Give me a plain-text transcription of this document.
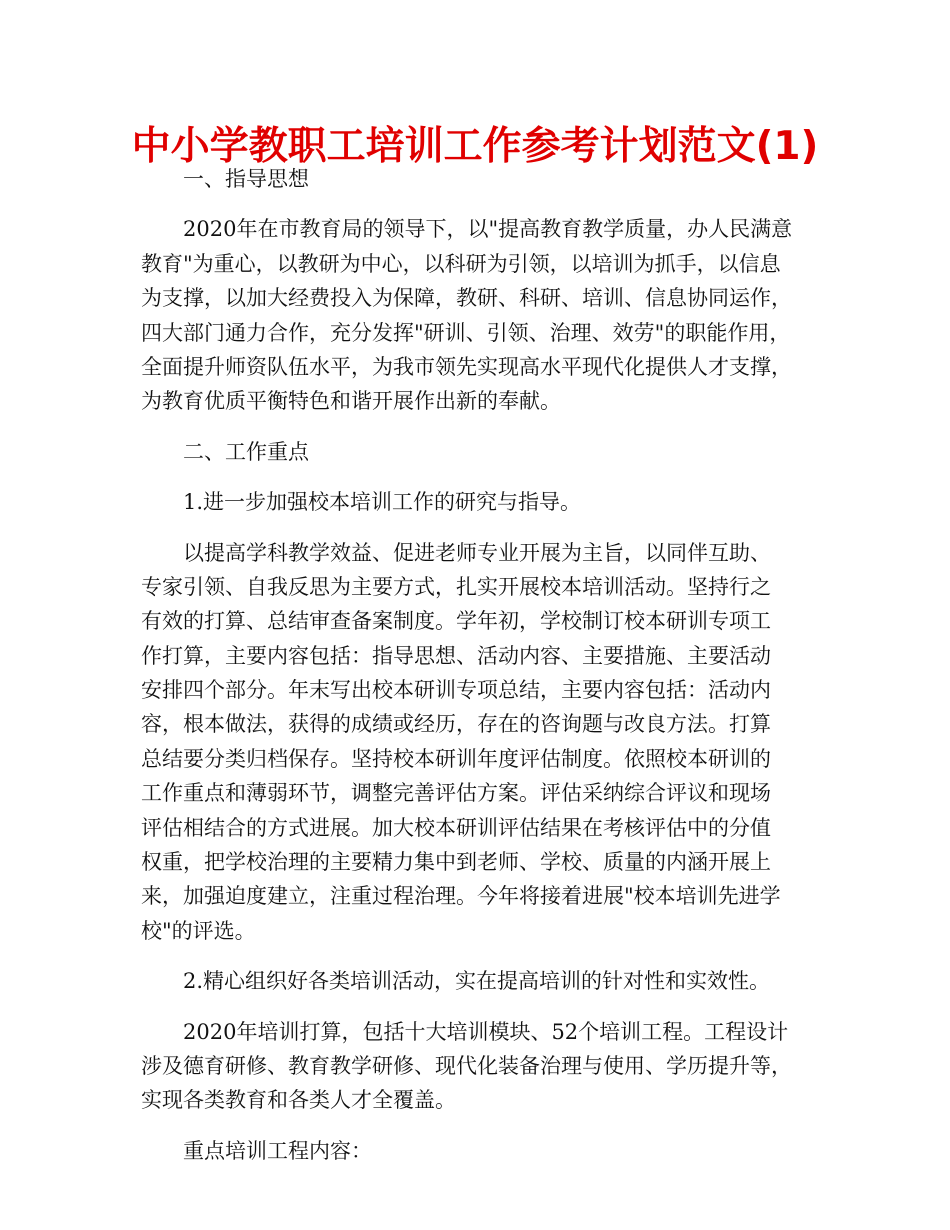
中小学教职工培训工作参考计划范文(1)

一、指导思想

2020年在市教育局的领导下，以"提高教育教学质量，办人民满意
教育"为重心，以教研为中心，以科研为引领，以培训为抓手，以信息
为支撑，以加大经费投入为保障，教研、科研、培训、信息协同运作，
四大部门通力合作，充分发挥"研训、引领、治理、效劳"的职能作用，
全面提升师资队伍水平，为我市领先实现高水平现代化提供人才支撑，
为教育优质平衡特色和谐开展作出新的奉献。

二、工作重点

1.进一步加强校本培训工作的研究与指导。

以提高学科教学效益、促进老师专业开展为主旨，以同伴互助、
专家引领、自我反思为主要方式，扎实开展校本培训活动。坚持行之
有效的打算、总结审查备案制度。学年初，学校制订校本研训专项工
作打算，主要内容包括：指导思想、活动内容、主要措施、主要活动
安排四个部分。年末写出校本研训专项总结，主要内容包括：活动内
容，根本做法，获得的成绩或经历，存在的咨询题与改良方法。打算
总结要分类归档保存。坚持校本研训年度评估制度。依照校本研训的
工作重点和薄弱环节，调整完善评估方案。评估采纳综合评议和现场
评估相结合的方式进展。加大校本研训评估结果在考核评估中的分值
权重，把学校治理的主要精力集中到老师、学校、质量的内涵开展上
来，加强迫度建立，注重过程治理。今年将接着进展"校本培训先进学
校"的评选。

2.精心组织好各类培训活动，实在提高培训的针对性和实效性。

2020年培训打算，包括十大培训模块、52个培训工程。工程设计
涉及德育研修、教育教学研修、现代化装备治理与使用、学历提升等，
实现各类教育和各类人才全覆盖。

重点培训工程内容：
